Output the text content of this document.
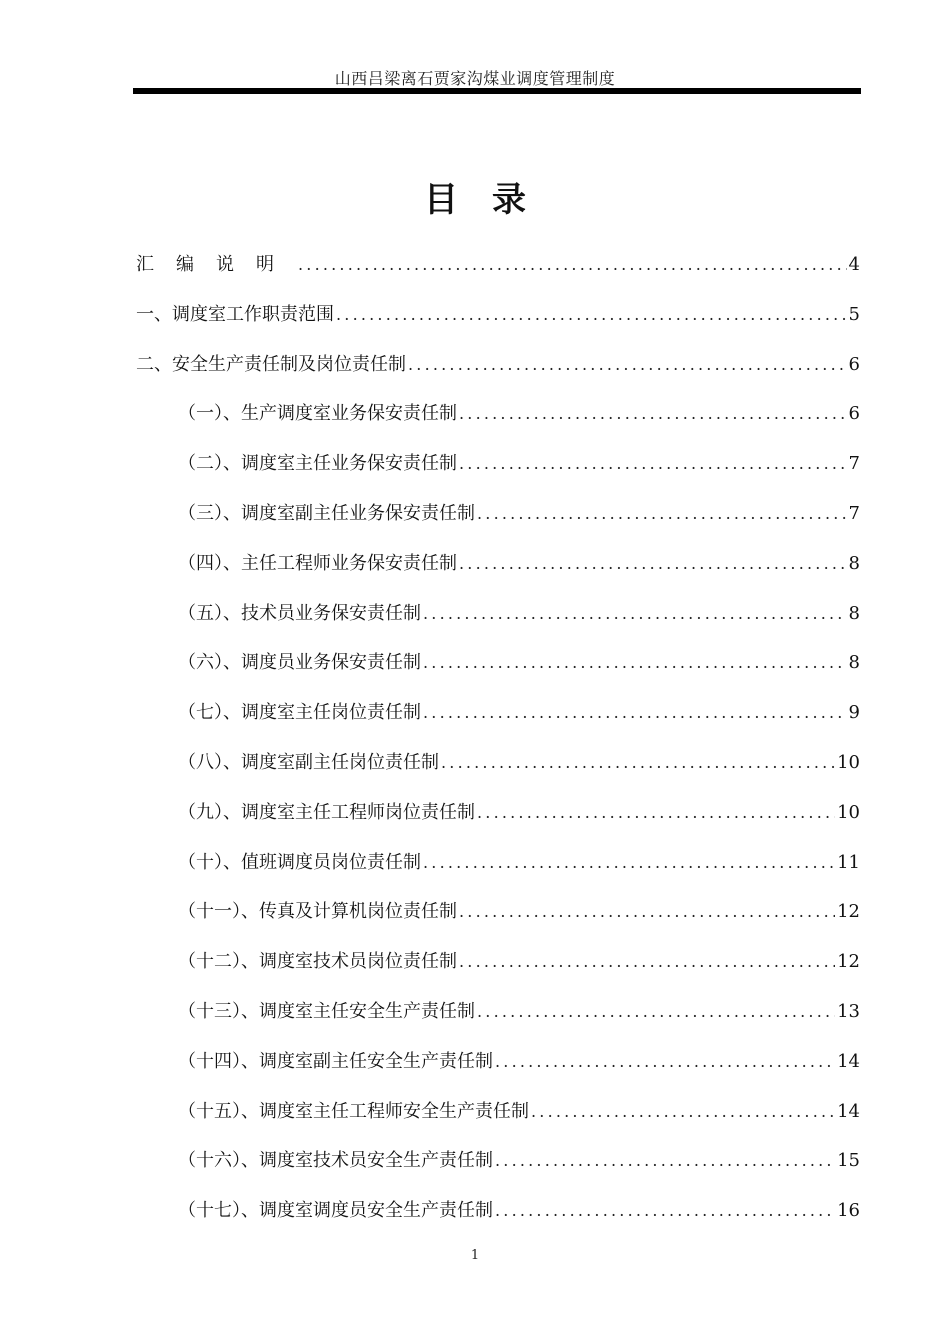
山西吕梁离石贾家沟煤业调度管理制度
目 录
汇编说明 .....	4
一、调度室工作职责范围 .....	5
二、安全生产责任制及岗位责任制 .....	6
（一）、生产调度室业务保安责任制 .....	6
（二）、调度室主任业务保安责任制 .....	7
（三）、调度室副主任业务保安责任制 .....	7
（四）、主任工程师业务保安责任制 .....	8
（五）、技术员业务保安责任制 .....	8
（六）、调度员业务保安责任制 .....	8
（七）、调度室主任岗位责任制 .....	9
（八）、调度室副主任岗位责任制 .....	10
（九）、调度室主任工程师岗位责任制 .....	10
（十）、值班调度员岗位责任制 .....	11
（十一）、传真及计算机岗位责任制 .....	12
（十二）、调度室技术员岗位责任制 .....	12
（十三）、调度室主任安全生产责任制 .....	13
（十四）、调度室副主任安全生产责任制 .....	14
（十五）、调度室主任工程师安全生产责任制 .....	14
（十六）、调度室技术员安全生产责任制 .....	15
（十七）、调度室调度员安全生产责任制 .....	16
1
